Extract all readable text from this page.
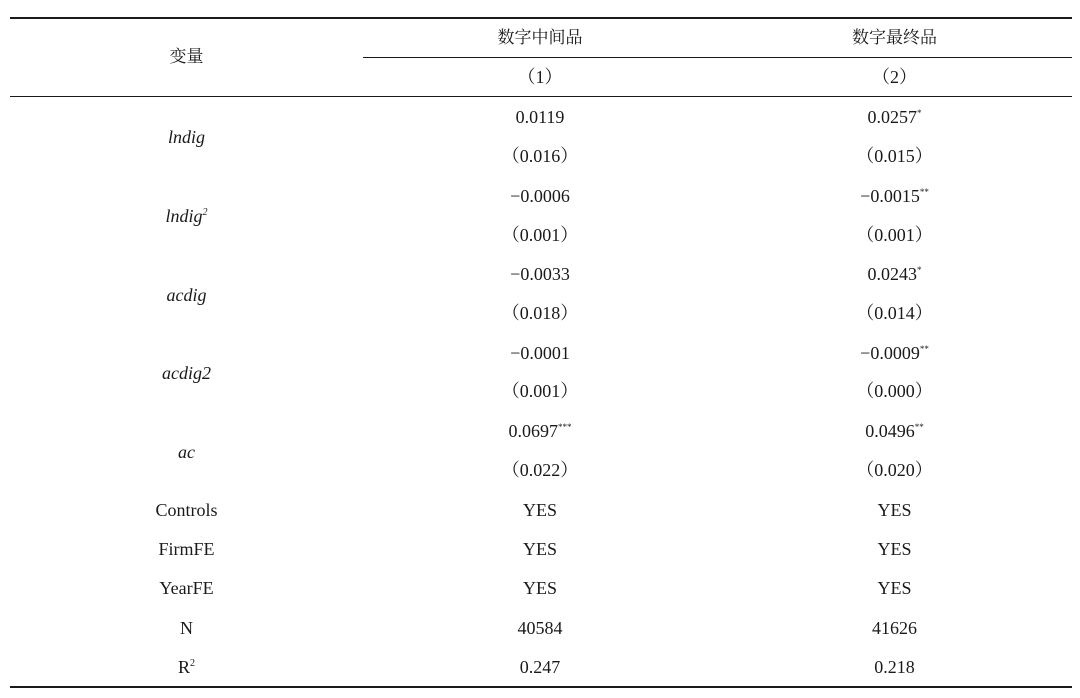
变量
数字中间品	数字最终品
（1）	（2）
lndig
0.0119	0.0257*
（0.016）	（0.015）
lndig$^2$
−0.0006	−0.0015**
（0.001）	（0.001）
acdig
−0.0033	0.0243*
（0.018）	（0.014）
acdig2
−0.0001	−0.0009**
（0.001）	（0.000）
ac
0.0697***	0.0496**
（0.022）	（0.020）
Controls	YES	YES
FirmFE	YES	YES
YearFE	YES	YES
N	40584	41626
$R^2$	0.247	0.218
